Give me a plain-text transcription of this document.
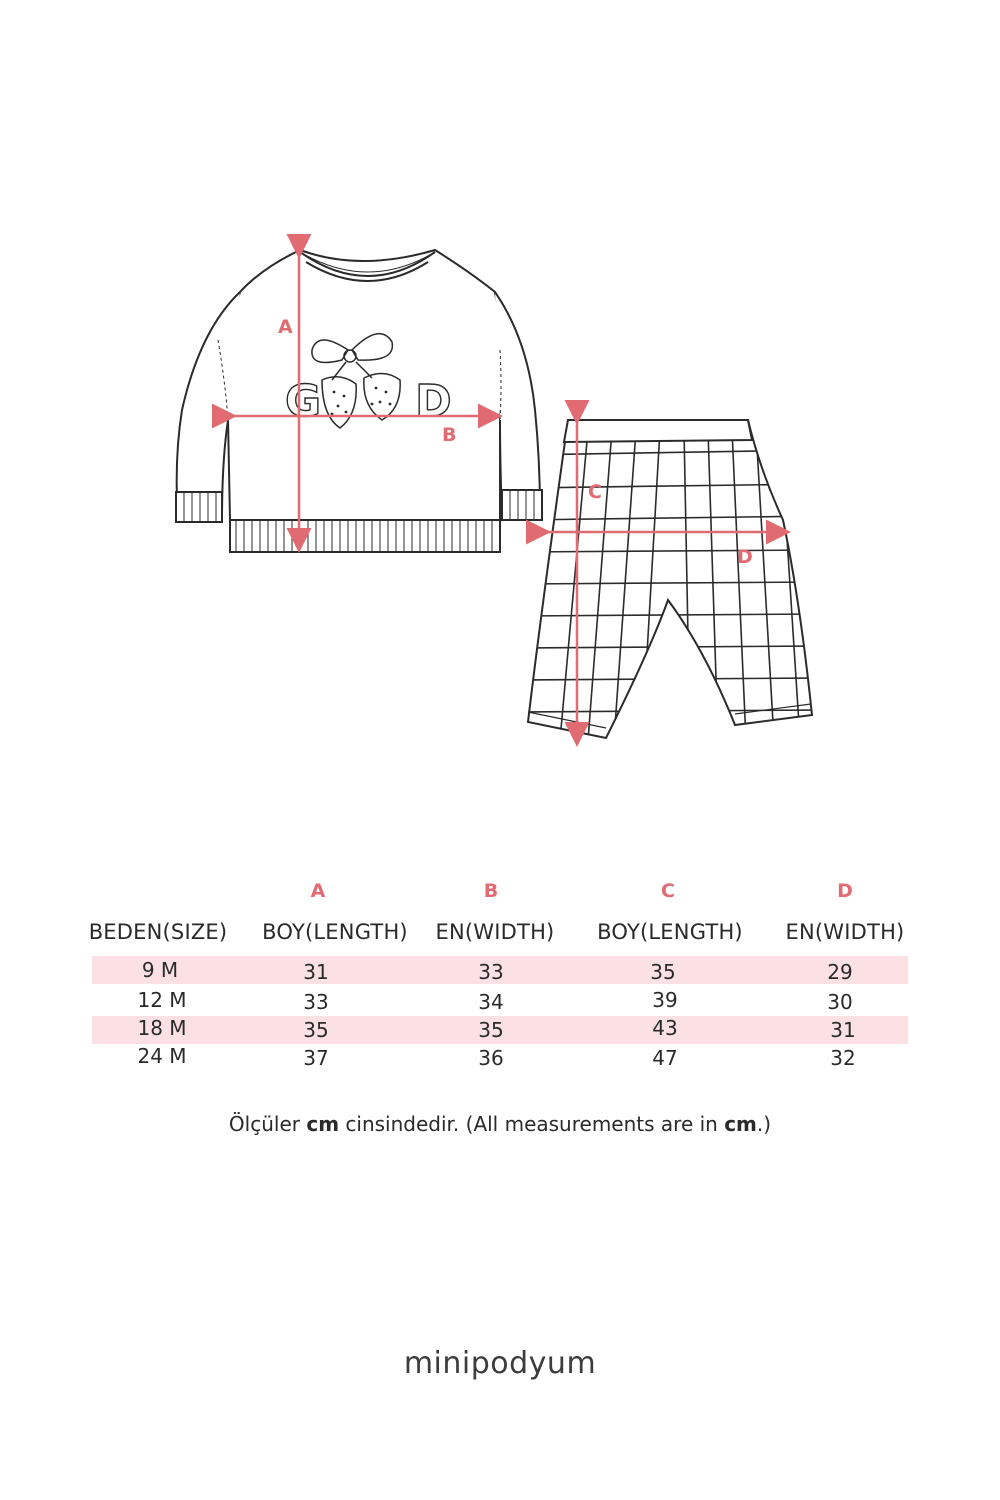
G D
A
B
C
D
A	B	C	D
BEDEN(SIZE) BOY(LENGTH) EN(WIDTH) BOY(LENGTH) EN(WIDTH)
9 M	31	33	35	29
12 M	33	34	39	30
18 M	35	35	43	31
24 M	37	36	47	32
Ölçüler cm cinsindedir. (All measurements are in cm.)
minipodyum
